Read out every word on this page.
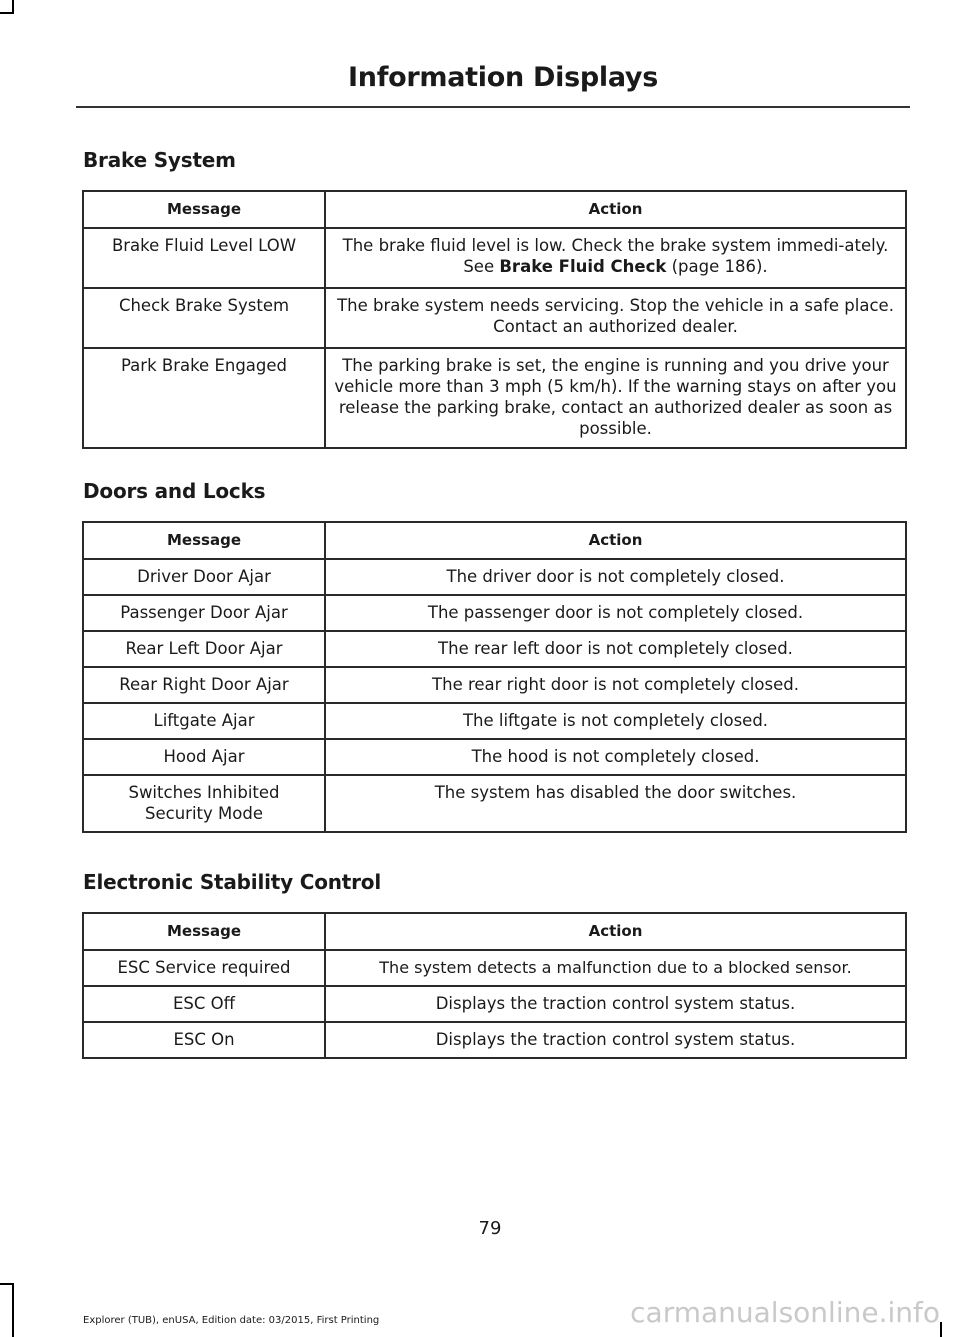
Information Displays
Brake System
Message	Action
Brake Fluid Level LOW	The brake fluid level is low. Check the brake system immedi-ately. See Brake Fluid Check (page 186).
Check Brake System	The brake system needs servicing. Stop the vehicle in a safe place. Contact an authorized dealer.
Park Brake Engaged	The parking brake is set, the engine is running and you drive your vehicle more than 3 mph (5 km/h). If the warning stays on after you release the parking brake, contact an authorized dealer as soon as possible.
Doors and Locks
Message	Action
Driver Door Ajar	The driver door is not completely closed.
Passenger Door Ajar	The passenger door is not completely closed.
Rear Left Door Ajar	The rear left door is not completely closed.
Rear Right Door Ajar	The rear right door is not completely closed.
Liftgate Ajar	The liftgate is not completely closed.
Hood Ajar	The hood is not completely closed.
Switches Inhibited Security Mode	The system has disabled the door switches.
Electronic Stability Control
Message	Action
ESC Service required	The system detects a malfunction due to a blocked sensor.
ESC Off	Displays the traction control system status.
ESC On	Displays the traction control system status.
79
Explorer (TUB), enUSA, Edition date: 03/2015, First Printing	carmanualsonline.info
